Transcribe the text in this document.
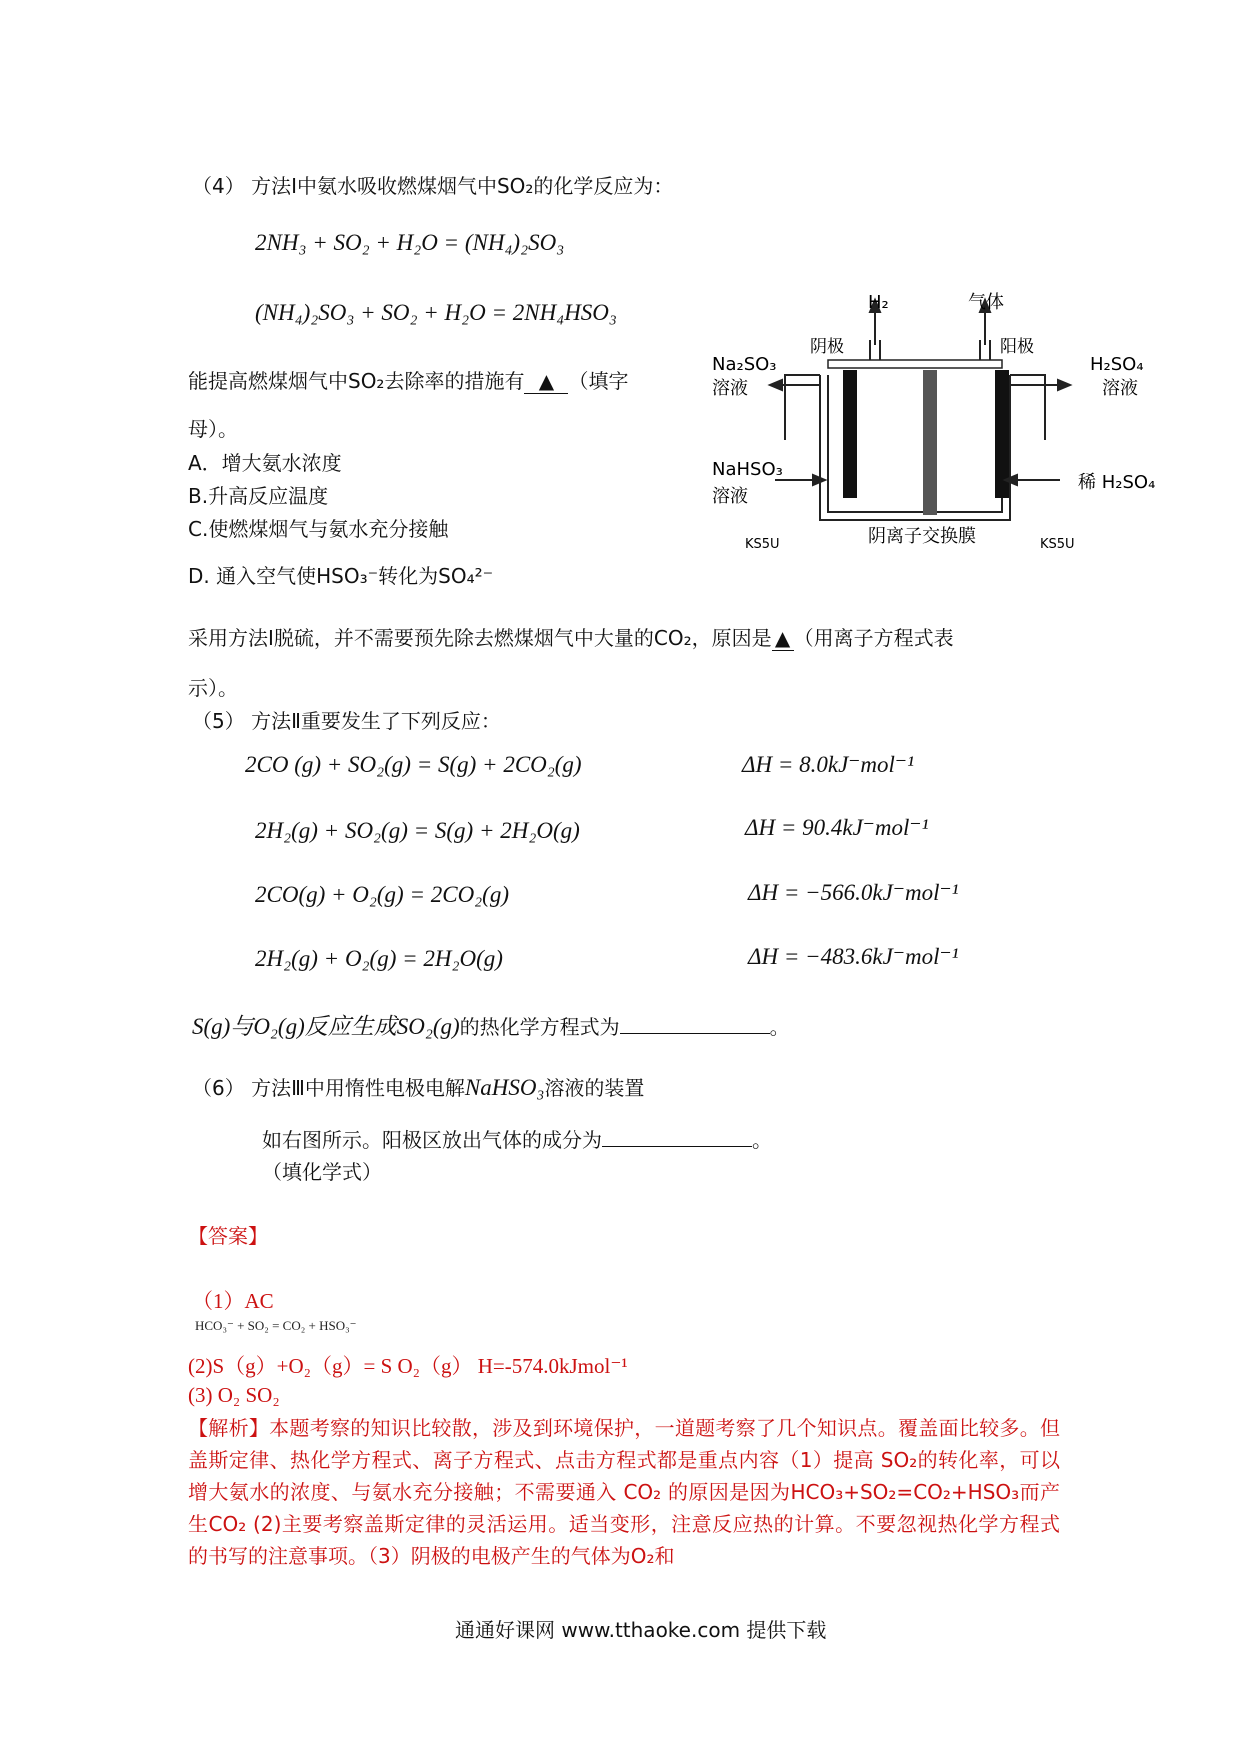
（4） 方法Ⅰ中氨水吸收燃煤烟气中SO₂的化学反应为：
2NH₃ + SO₂ + H₂O = (NH₄)₂SO₃
(NH₄)₂SO₃ + SO₂ + H₂O = 2NH₄HSO₃
能提高燃煤烟气中SO₂去除率的措施有 ▲ （填字
母）。
A．增大氨水浓度
B.升高反应温度
C.使燃煤烟气与氨水充分接触
D. 通入空气使HSO₃⁻转化为SO₄²⁻
H₂	气体
阴极	阳极
Na₂SO₃
溶液
H₂SO₄
溶液
NaHSO₃
溶液
稀 H₂SO₄
阴离子交换膜
KS5U	KS5U
采用方法Ⅰ脱硫，并不需要预先除去燃煤烟气中大量的CO₂，原因是 ▲ （用离子方程式表
示）。
（5） 方法Ⅱ重要发生了下列反应：
2CO (g) + SO₂(g) = S(g) + 2CO₂(g)	ΔH = 8.0kJ⁻mol⁻¹
2H₂(g) + SO₂(g) = S(g) + 2H₂O(g)	ΔH = 90.4kJ⁻mol⁻¹
2CO(g) + O₂(g) = 2CO₂(g)	ΔH = −566.0kJ⁻mol⁻¹
2H₂(g) + O₂(g) = 2H₂O(g)	ΔH = −483.6kJ⁻mol⁻¹
S(g)与O₂(g)反应生成SO₂(g)的热化学方程式为	。
（6） 方法Ⅲ中用惰性电极电解NaHSO₃溶液的装置
如右图所示。阳极区放出气体的成分为	。
（填化学式）
【答案】
（1）AC
HCO₃⁻ + SO₂ = CO₂ + HSO₃⁻
(2)S（g）+O₂（g）= S O₂（g） H=-574.0kJmol⁻¹
(3) O₂ SO₂
【解析】本题考察的知识比较散，涉及到环境保护，一道题考察了几个知识点。覆盖面比较多。但盖斯定律、热化学方程式、离子方程式、点击方程式都是重点内容（1）提高 SO₂的转化率，可以增大氨水的浓度、与氨水充分接触；不需要通入 CO₂ 的原因是因为HCO₃+SO₂=CO₂+HSO₃而产生CO₂ (2)主要考察盖斯定律的灵活运用。适当变形，注意反应热的计算。不要忽视热化学方程式的书写的注意事项。（3）阴极的电极产生的气体为O₂和
通通好课网 www.tthaoke.com 提供下载
